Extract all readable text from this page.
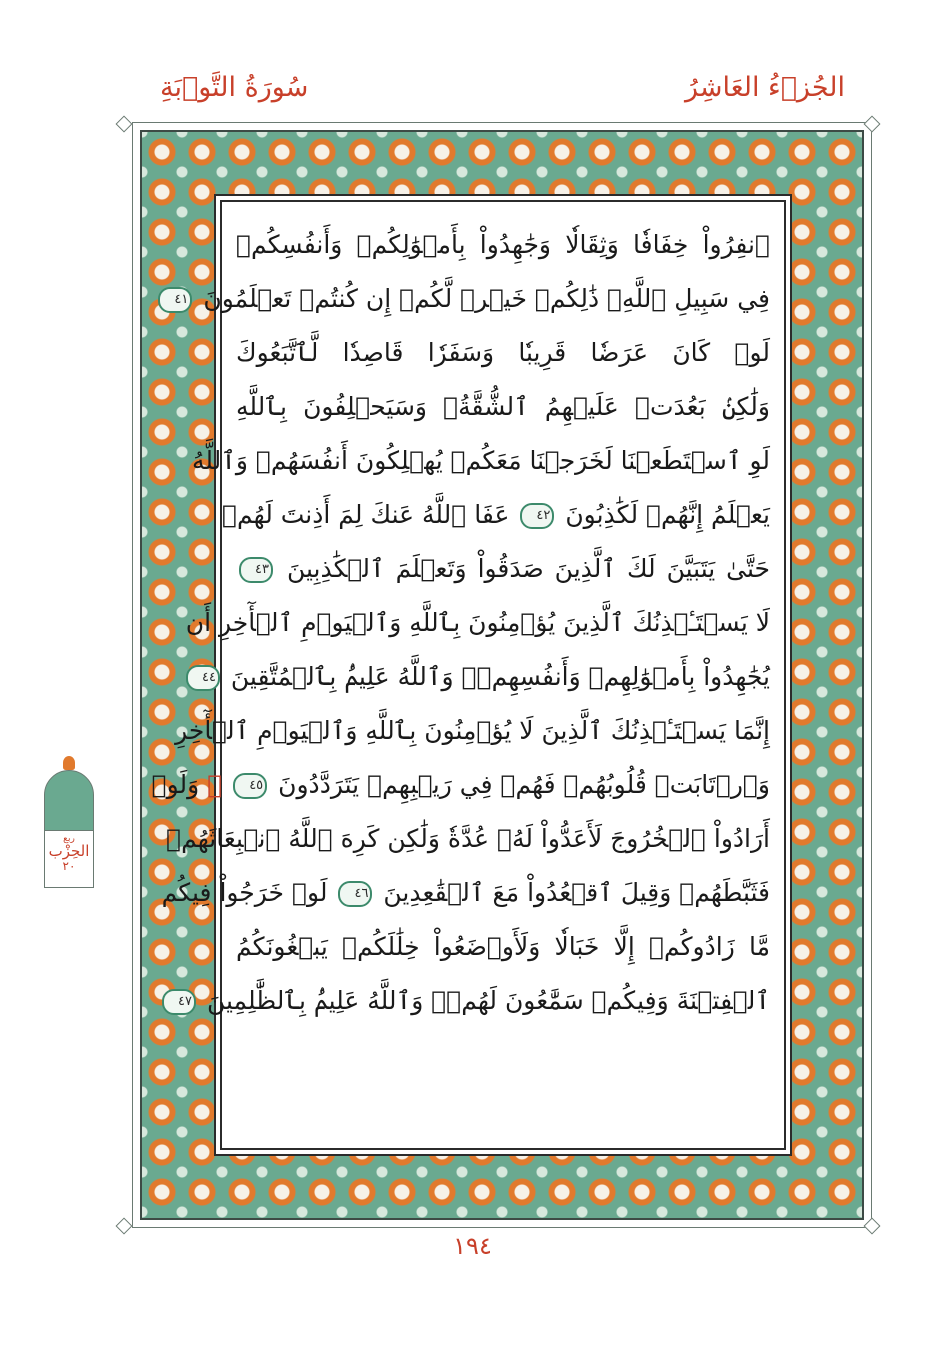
سُورَةُ التَّوۡبَةِ	الجُزۡءُ العَاشِرُ
ٱنفِرُواْ خِفَافٗا وَثِقَالٗا وَجَٰهِدُواْ بِأَمۡوَٰلِكُمۡ وَأَنفُسِكُمۡ
فِي سَبِيلِ ٱللَّهِۚ ذَٰلِكُمۡ خَيۡرٞ لَّكُمۡ إِن كُنتُمۡ تَعۡلَمُونَ ٤١
لَوۡ كَانَ عَرَضٗا قَرِيبٗا وَسَفَرٗا قَاصِدٗا لَّٱتَّبَعُوكَ
وَلَٰكِنۢ بَعُدَتۡ عَلَيۡهِمُ ٱلشُّقَّةُۚ وَسَيَحۡلِفُونَ بِٱللَّهِ
لَوِ ٱسۡتَطَعۡنَا لَخَرَجۡنَا مَعَكُمۡ يُهۡلِكُونَ أَنفُسَهُمۡ وَٱللَّهُ
يَعۡلَمُ إِنَّهُمۡ لَكَٰذِبُونَ ٤٢ عَفَا ٱللَّهُ عَنكَ لِمَ أَذِنتَ لَهُمۡ
حَتَّىٰ يَتَبَيَّنَ لَكَ ٱلَّذِينَ صَدَقُواْ وَتَعۡلَمَ ٱلۡكَٰذِبِينَ ٤٣
لَا يَسۡتَـٔۡذِنُكَ ٱلَّذِينَ يُؤۡمِنُونَ بِٱللَّهِ وَٱلۡيَوۡمِ ٱلۡأٓخِرِ أَن
يُجَٰهِدُواْ بِأَمۡوَٰلِهِمۡ وَأَنفُسِهِمۡۗ وَٱللَّهُ عَلِيمُۢ بِٱلۡمُتَّقِينَ ٤٤
إِنَّمَا يَسۡتَـٔۡذِنُكَ ٱلَّذِينَ لَا يُؤۡمِنُونَ بِٱللَّهِ وَٱلۡيَوۡمِ ٱلۡأٓخِرِ
وَٱرۡتَابَتۡ قُلُوبُهُمۡ فَهُمۡ فِي رَيۡبِهِمۡ يَتَرَدَّدُونَ ٤٥ ۞ وَلَوۡ
أَرَادُواْ ٱلۡخُرُوجَ لَأَعَدُّواْ لَهُۥ عُدَّةٗ وَلَٰكِن كَرِهَ ٱللَّهُ ٱنۢبِعَاثَهُمۡ
فَثَبَّطَهُمۡ وَقِيلَ ٱقۡعُدُواْ مَعَ ٱلۡقَٰعِدِينَ ٤٦ لَوۡ خَرَجُواْ فِيكُم
مَّا زَادُوكُمۡ إِلَّا خَبَالٗا وَلَأَوۡضَعُواْ خِلَٰلَكُمۡ يَبۡغُونَكُمُ
ٱلۡفِتۡنَةَ وَفِيكُمۡ سَمَّٰعُونَ لَهُمۡۗ وَٱللَّهُ عَلِيمُۢ بِٱلظَّٰلِمِينَ ٤٧
ربع
الحِزْب
٢٠
١٩٤
